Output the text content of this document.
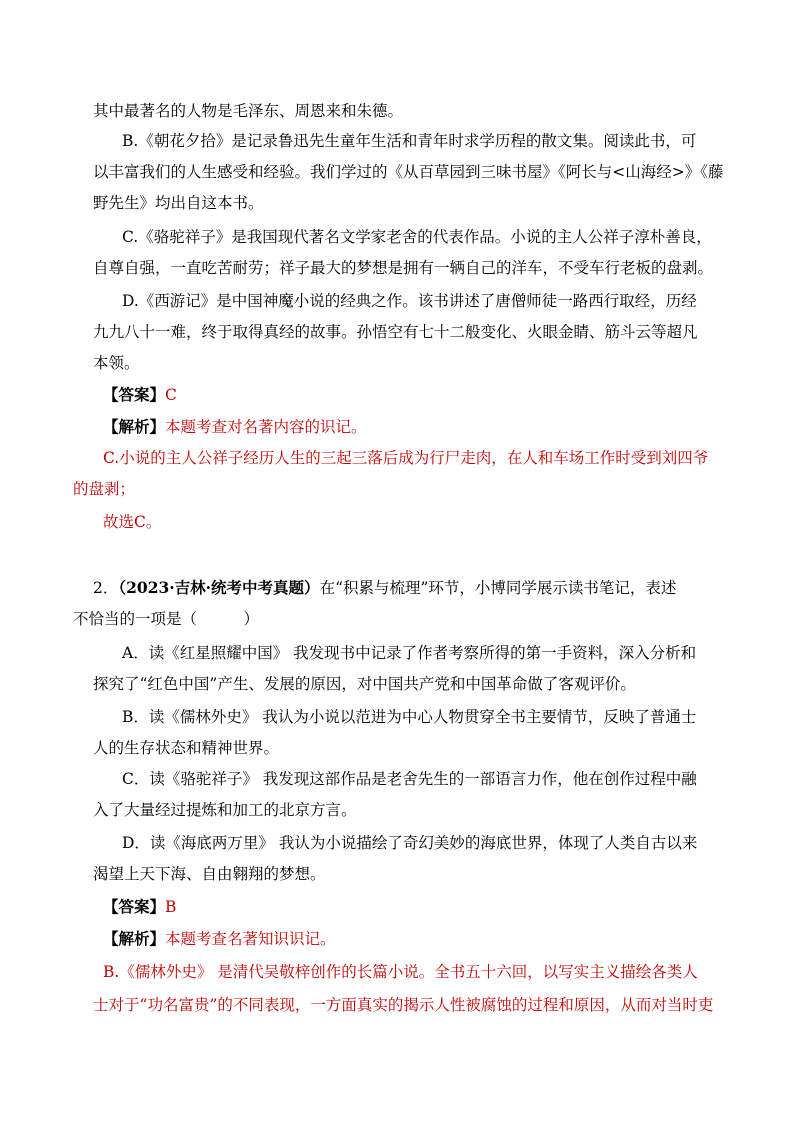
其中最著名的人物是毛泽东、周恩来和朱德。
B.《朝花夕拾》是记录鲁迅先生童年生活和青年时求学历程的散文集。阅读此书，可
以丰富我们的人生感受和经验。我们学过的《从百草园到三味书屋》《阿长与<山海经>》《藤
野先生》均出自这本书。
C.《骆驼祥子》是我国现代著名文学家老舍的代表作品。小说的主人公祥子淳朴善良，
自尊自强，一直吃苦耐劳；祥子最大的梦想是拥有一辆自己的洋车，不受车行老板的盘剥。
D.《西游记》是中国神魔小说的经典之作。该书讲述了唐僧师徒一路西行取经，历经
九九八十一难，终于取得真经的故事。孙悟空有七十二般变化、火眼金睛、筋斗云等超凡
本领。
【答案】C
【解析】本题考查对名著内容的识记。
C.小说的主人公祥子经历人生的三起三落后成为行尸走肉，在人和车场工作时受到刘四爷
的盘剥；
故选C。
2．（2023·吉林·统考中考真题）在“积累与梳理”环节，小博同学展示读书笔记，表述
不恰当的一项是（　　　）
A．读《红星照耀中国》 我发现书中记录了作者考察所得的第一手资料，深入分析和
探究了“红色中国”产生、发展的原因，对中国共产党和中国革命做了客观评价。
B．读《儒林外史》 我认为小说以范进为中心人物贯穿全书主要情节，反映了普通士
人的生存状态和精神世界。
C．读《骆驼祥子》 我发现这部作品是老舍先生的一部语言力作，他在创作过程中融
入了大量经过提炼和加工的北京方言。
D．读《海底两万里》 我认为小说描绘了奇幻美妙的海底世界，体现了人类自古以来
渴望上天下海、自由翱翔的梦想。
【答案】B
【解析】本题考查名著知识识记。
B.《儒林外史》 是清代吴敬梓创作的长篇小说。全书五十六回，以写实主义描绘各类人
士对于“功名富贵”的不同表现，一方面真实的揭示人性被腐蚀的过程和原因，从而对当时吏
